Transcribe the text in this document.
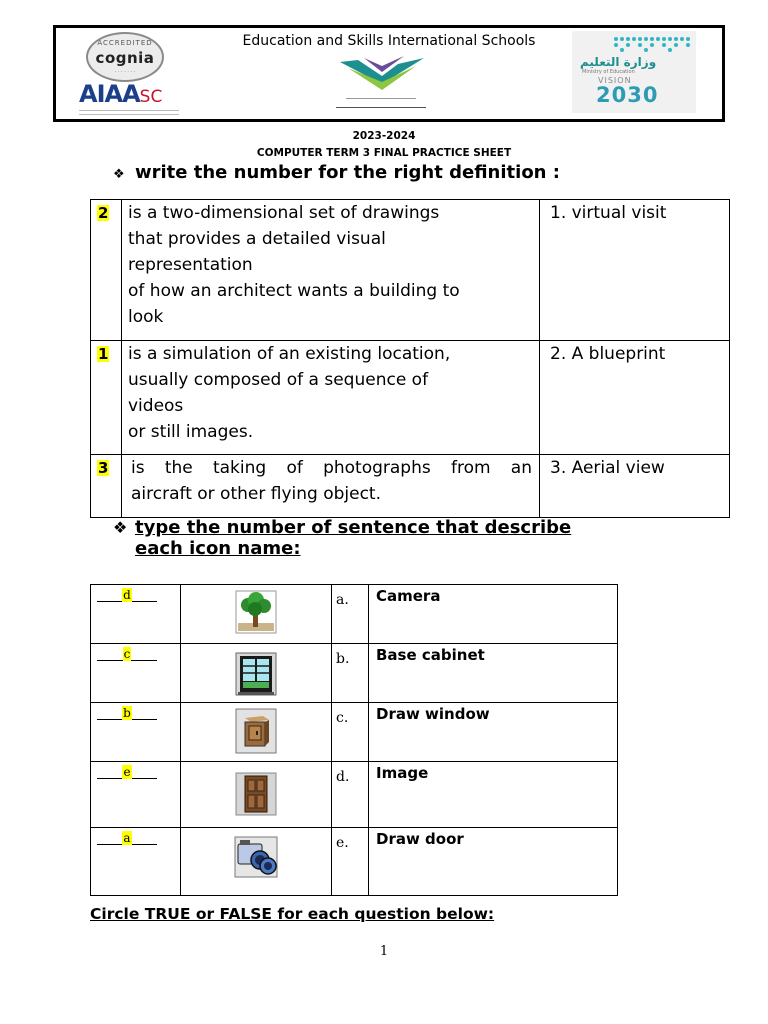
Education and Skills International Schools
ACCREDITED
cognia
· · · · · · ·
AIAASC
وزارة التعليم
Ministry of Education
VISION
2030
2023-2024
COMPUTER TERM 3 FINAL PRACTICE SHEET
❖ write the number for the right definition :
2	is a two-dimensional set of drawings
that provides a detailed visual
representation
of how an architect wants a building to
look	1. virtual visit
1	is a simulation of an existing location,
usually composed of a sequence of
videos
or still images.	2. A blueprint
3	is the taking of photographs from an
aircraft or other flying object.	3. Aerial view
❖ type the number of sentence that describe
each icon name:
d		a.	Camera

c		b.	Base cabinet

b		c.	Draw window

e		d.	Image

a		e.	Draw door
Circle TRUE or FALSE for each question below:
1
